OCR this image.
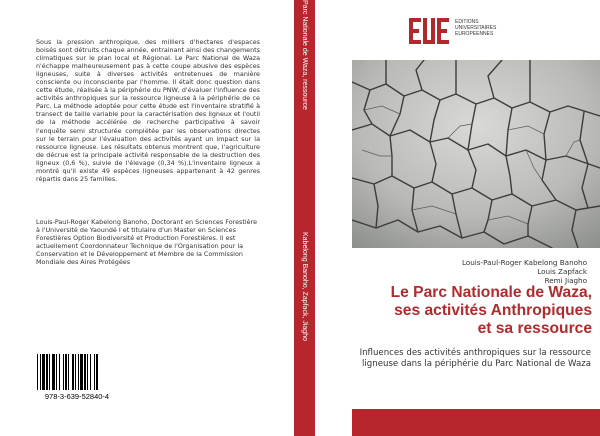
Sous la pression anthropique, des milliers d'hectares d'espaces boisés sont détruits chaque année, entrainant ainsi des changements climatiques sur le plan local et Régional. Le Parc National de Waza n'échappe malheureusement pas à cette coupe abusive des espèces ligneuses, suite à diverses activités entretenues de manière consciente ou inconsciente par l'homme. Il était donc question dans cette étude, réalisée à la périphérie du PNW, d'évaluer l'influence des activités anthropiques sur la ressource ligneuse à la périphérie de ce Parc. La méthode adoptée pour cette étude est l'inventaire stratifié à transect de taille variable pour la caractérisation des ligneux et l'outil de la méthode accélérée de recherche participative à savoir l'enquête semi structurée complétée par les observations directes sur le terrain pour l'évaluation des activités ayant un impact sur la ressource ligneuse. Les résultats obtenus montrent que, l'agriculture de décrue est la principale activité responsable de la destruction des ligneux (0,6 %), suivie de l'élevage (0,34 %).L'inventaire ligneux a montré qu'il existe 49 espèces ligneuses appartenant à 42 genres répartis dans 25 familles.

Louis-Paul-Roger Kabelong Banoho, Doctorant en Sciences Forestière à l'Université de Yaoundé I et titulaire d'un Master en Sciences Forestières Option Biodiversité et Production Forestières. Il est actuellement Coordonnateur Technique de l'Organisation pour la Conservation et le Développement et Membre de la Commission Mondiale des Aires Protégées

978-3-639-52840-4
Parc Nationale de Waza, ressource
Kabelong Banoho, Zapfack, Jiagho
EDITIONS
UNIVERSITAIRES
EUROPEENNES
Louis-Paul-Roger Kabelong Banoho
Louis Zapfack
Remi Jiagho
Le Parc Nationale de Waza,
ses activités Anthropiques
et sa ressource
Influences des activités anthropiques sur la ressource ligneuse dans la périphérie du Parc National de Waza
